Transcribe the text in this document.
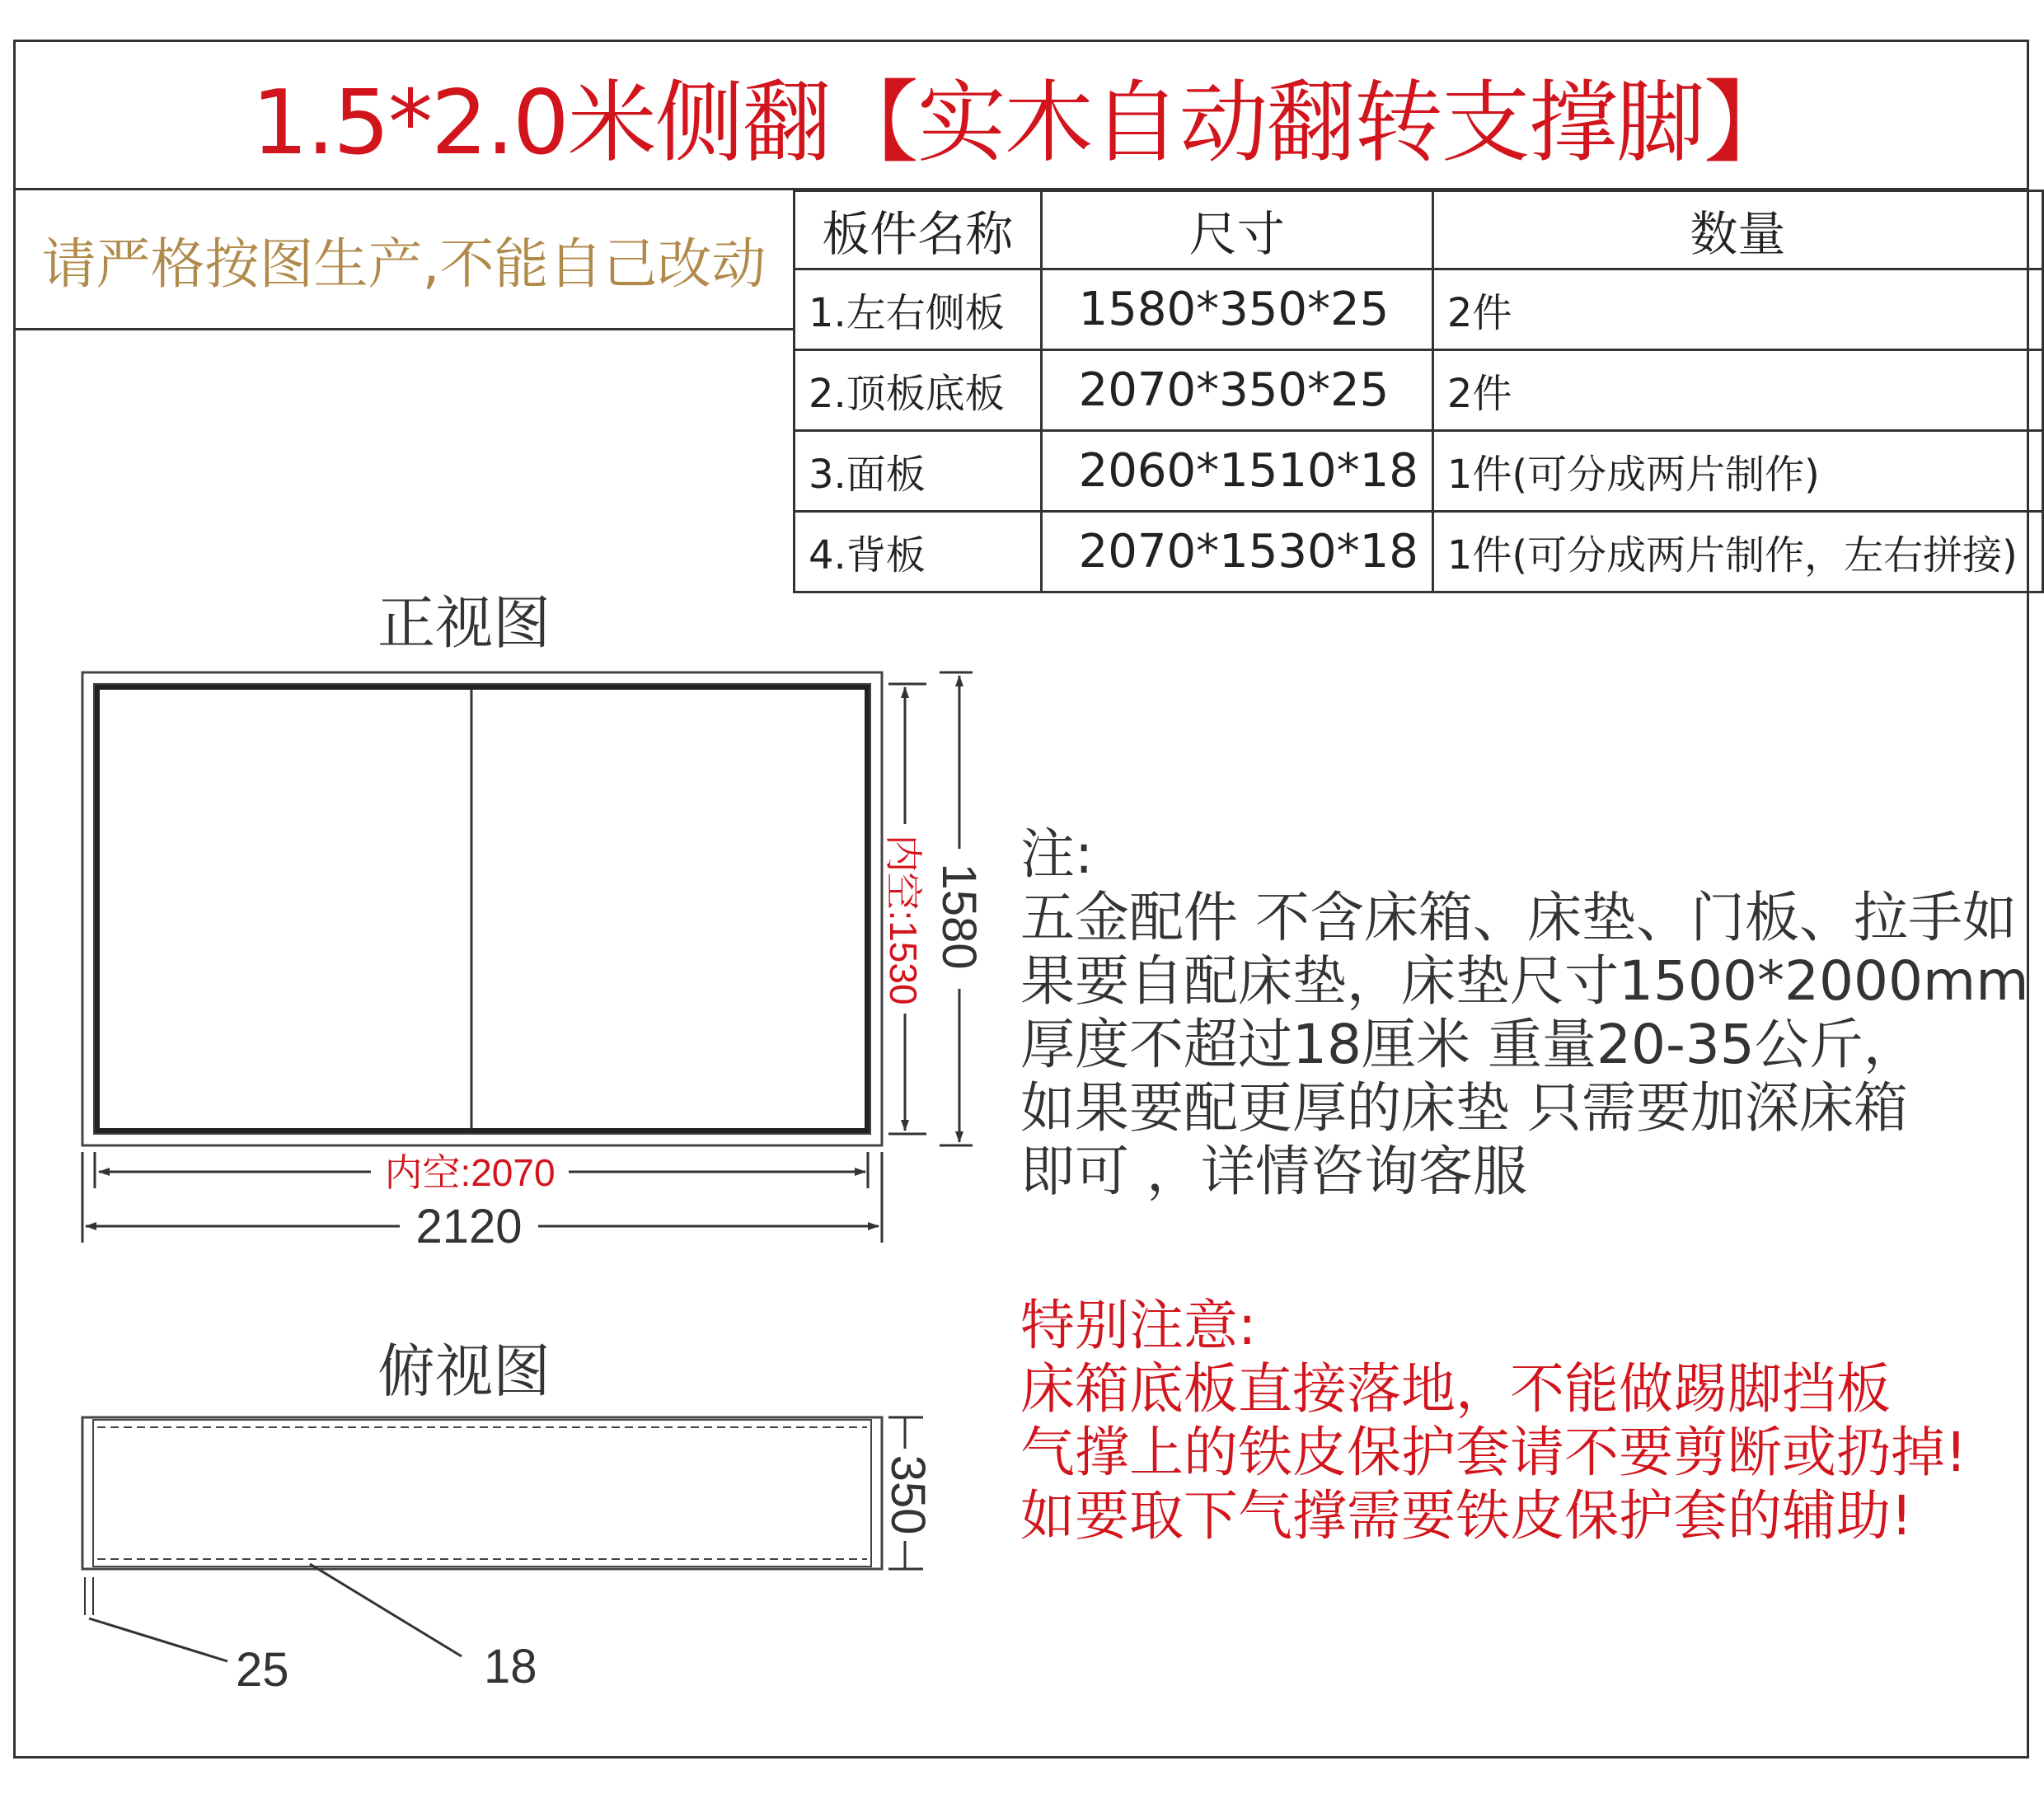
1.5*2.0米侧翻【实木自动翻转支撑脚】
请严格按图生产,不能自己改动	板件名称	尺寸	数量
1.左右侧板	1580*350*25	2件
2.顶板底板	2070*350*25	2件
3.面板	2060*1510*18	1件(可分成两片制作)
4.背板	2070*1530*18	1件(可分成两片制作，左右拼接)
正视图
俯视图
内空:2070
2120
内空:1530 1580
350
25	18
注:
五金配件 不含床箱、床垫、门板、拉手如
果要自配床垫，床垫尺寸1500*2000mm
厚度不超过18厘米 重量20-35公斤，
如果要配更厚的床垫 只需要加深床箱
即可 ，详情咨询客服
特别注意:
床箱底板直接落地，不能做踢脚挡板
气撑上的铁皮保护套请不要剪断或扔掉!
如要取下气撑需要铁皮保护套的辅助!
